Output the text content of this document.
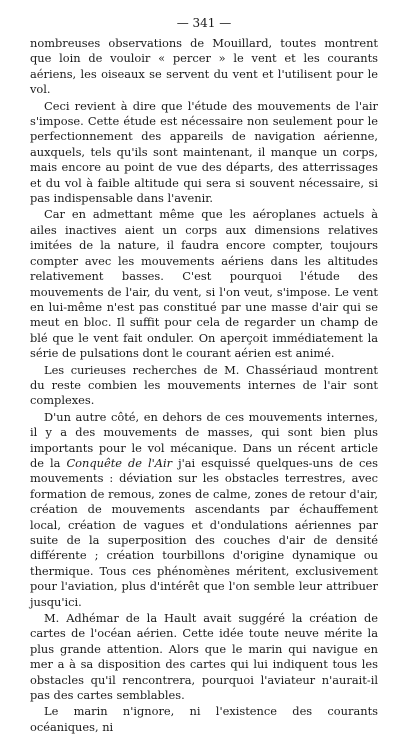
— 341 —

nombreuses observations de Mouillard, toutes montrent que loin de vouloir « percer » le vent et les courants aériens, les oiseaux se servent du vent et l'utilisent pour le vol.

Ceci revient à dire que l'étude des mouvements de l'air s'impose. Cette étude est nécessaire non seulement pour le perfectionnement des appareils de navigation aérienne, auxquels, tels qu'ils sont maintenant, il manque un corps, mais encore au point de vue des départs, des atterrissages et du vol à faible altitude qui sera si souvent nécessaire, si pas indispensable dans l'avenir.

Car en admettant même que les aéroplanes actuels à ailes inactives aient un corps aux dimensions relatives imitées de la nature, il faudra encore compter, toujours compter avec les mouvements aériens dans les altitudes relativement basses. C'est pourquoi l'étude des mouvements de l'air, du vent, si l'on veut, s'impose. Le vent en lui-même n'est pas constitué par une masse d'air qui se meut en bloc. Il suffit pour cela de regarder un champ de blé que le vent fait onduler. On aperçoit immédiatement la série de pulsations dont le courant aérien est animé.

Les curieuses recherches de M. Chassériaud montrent du reste combien les mouvements internes de l'air sont complexes.

D'un autre côté, en dehors de ces mouvements internes, il y a des mouvements de masses, qui sont bien plus importants pour le vol mécanique. Dans un récent article de la Conquête de l'Air j'ai esquissé quelques-uns de ces mouvements : déviation sur les obstacles terrestres, avec formation de remous, zones de calme, zones de retour d'air, création de mouvements ascendants par échauffement local, création de vagues et d'ondulations aériennes par suite de la superposition des couches d'air de densité différente ; création tourbillons d'origine dynamique ou thermique. Tous ces phénomènes méritent, exclusivement pour l'aviation, plus d'intérêt que l'on semble leur attribuer jusqu'ici.

M. Adhémar de la Hault avait suggéré la création de cartes de l'océan aérien. Cette idée toute neuve mérite la plus grande attention. Alors que le marin qui navigue en mer a à sa disposition des cartes qui lui indiquent tous les obstacles qu'il rencontrera, pourquoi l'aviateur n'aurait-il pas des cartes semblables.

Le marin n'ignore, ni l'existence des courants océaniques, ni
